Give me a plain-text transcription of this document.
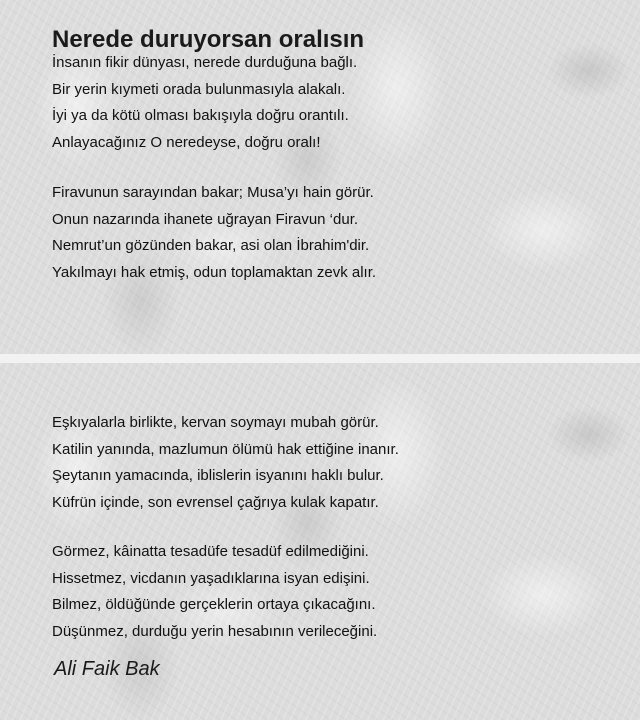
Nerede duruyorsan oralısın
İnsanın fikir dünyası, nerede durduğuna bağlı.
Bir yerin kıymeti orada bulunmasıyla alakalı.
İyi ya da kötü olması bakışıyla doğru orantılı.
Anlayacağınız O neredeyse, doğru oralı!
Firavunun sarayından bakar; Musa’yı hain görür.
Onun nazarında ihanete uğrayan Firavun ‘dur.
Nemrut’un gözünden bakar, asi olan İbrahim'dir.
Yakılmayı hak etmiş, odun toplamaktan zevk alır.
Eşkıyalarla birlikte, kervan soymayı mubah görür.
Katilin yanında, mazlumun ölümü hak ettiğine inanır.
Şeytanın yamacında, iblislerin isyanını haklı bulur.
Küfrün içinde, son evrensel çağrıya kulak kapatır.
Görmez, kâinatta tesadüfe tesadüf edilmediğini.
Hissetmez, vicdanın yaşadıklarına isyan edişini.
Bilmez, öldüğünde gerçeklerin ortaya çıkacağını.
Düşünmez, durduğu yerin hesabının verileceğini.
Ali Faik Bak
